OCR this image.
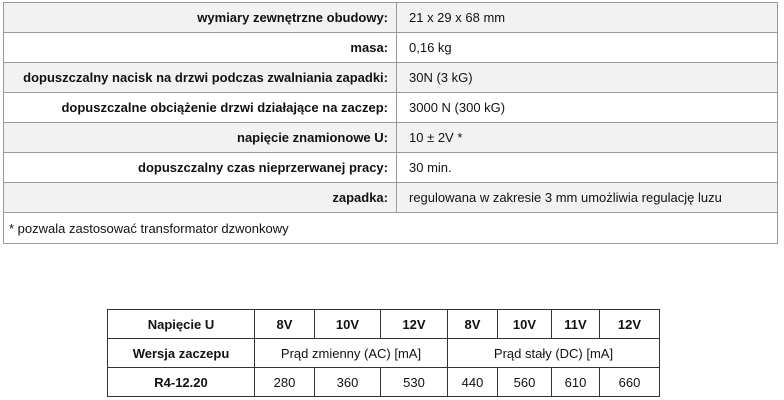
wymiary zewnętrzne obudowy:	21 x 29 x 68 mm
masa:	0,16 kg
dopuszczalny nacisk na drzwi podczas zwalniania zapadki:	30N (3 kG)
dopuszczalne obciążenie drzwi działające na zaczep:	3000 N (300 kG)
napięcie znamionowe U:	10 ± 2V *
dopuszczalny czas nieprzerwanej pracy:	30 min.
zapadka:	regulowana w zakresie 3 mm umożliwia regulację luzu
* pozwala zastosować transformator dzwonkowy	
Napięcie U	8V	10V	12V	8V	10V	11V	12V
Wersja zaczepu	Prąd zmienny (AC) [mA]			Prąd stały (DC) [mA]			
R4-12.20	280	360	530	440	560	610	660
